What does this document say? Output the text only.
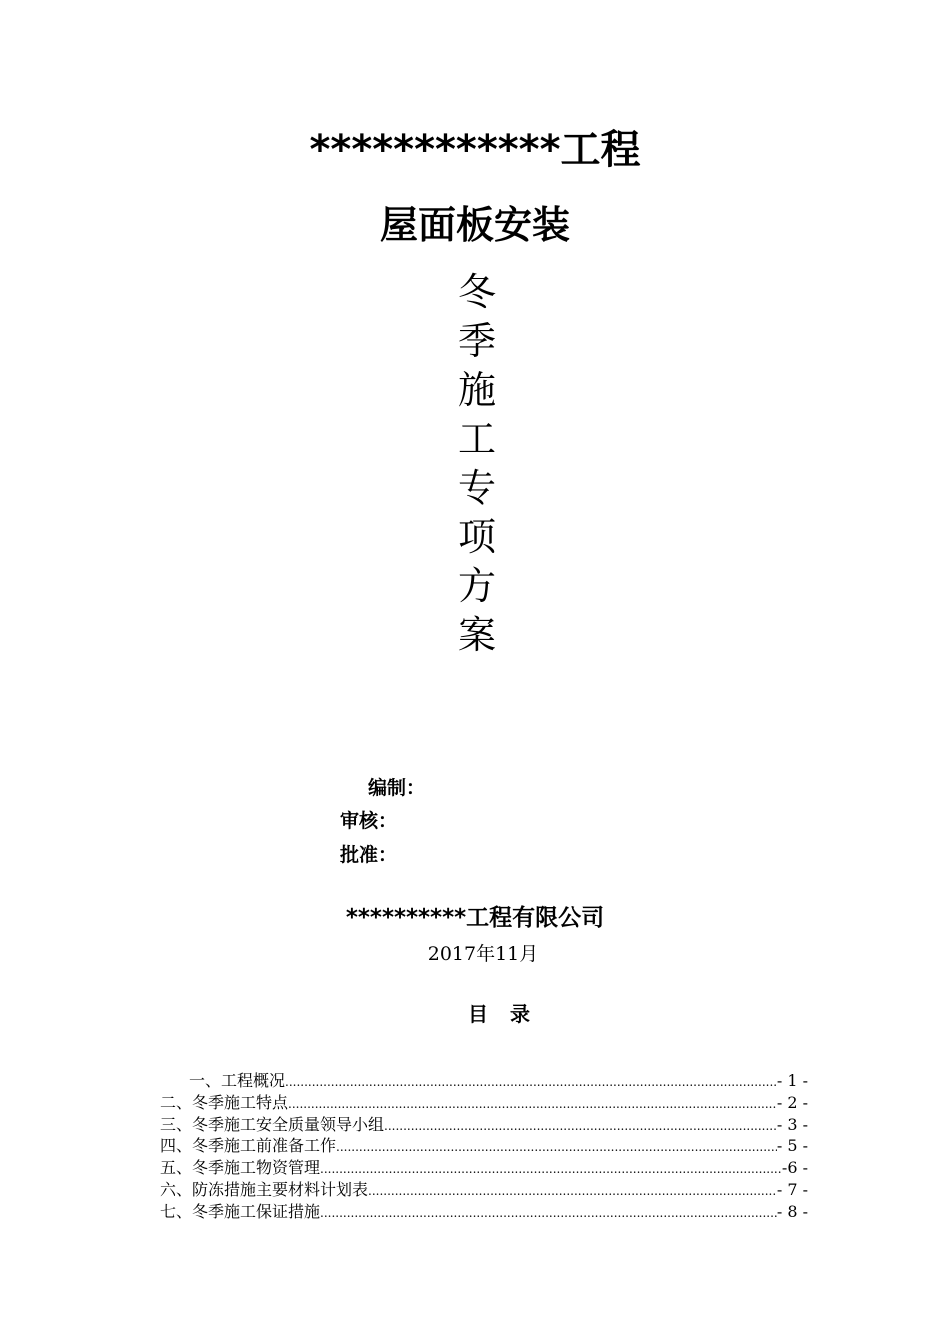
************工程
屋面板安装
冬
季
施
工
专
项
方
案
编制：
审核：
批准：
**********工程有限公司
2017年11月
目 录
一、工程概况 .....	- 1 -
二、冬季施工特点 .....	- 2 -
三、冬季施工安全质量领导小组 .....	- 3 -
四、冬季施工前准备工作 .....	- 5 -
五、冬季施工物资管理 .....	-6 -
六、防冻措施主要材料计划表 .....	- 7 -
七、冬季施工保证措施 .....	- 8 -
